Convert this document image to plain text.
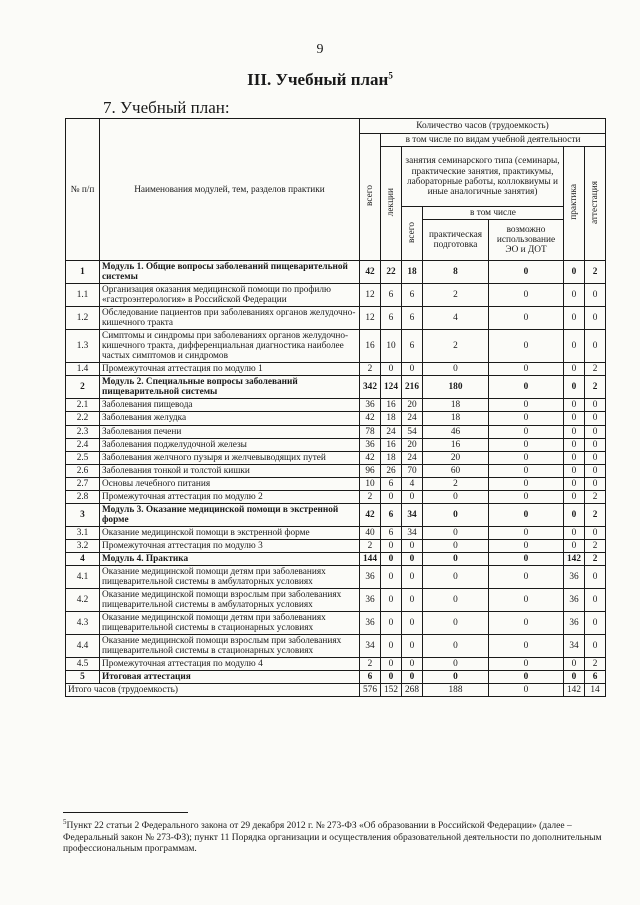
9
III. Учебный план$^5$
7. Учебный план:
№ п/п	Наименования модулей, тем, разделов практики	Количество часов (трудоемкость)						
		всего	в том числе по видам учебной деятельности					
			лекции	занятия семинарского типа (семинары, практические занятия, практикумы, лабораторные работы, коллоквиумы и иные аналогичные занятия)			практика	аттестация
				всего	в том числе			
					практическая подготовка	возможно использование ЭО и ДОТ		
1	Модуль 1. Общие вопросы заболеваний пищеварительной системы	42	22	18	8	0	0	2
1.1	Организация оказания медицинской помощи по профилю «гастроэнтерология» в Российской Федерации	12	6	6	2	0	0	0
1.2	Обследование пациентов при заболеваниях органов желудочно-кишечного тракта	12	6	6	4	0	0	0
1.3	Симптомы и синдромы при заболеваниях органов желудочно-кишечного тракта, дифференциальная диагностика наиболее частых симптомов и синдромов	16	10	6	2	0	0	0
1.4	Промежуточная аттестация по модулю 1	2	0	0	0	0	0	2
2	Модуль 2. Специальные вопросы заболеваний пищеварительной системы	342	124	216	180	0	0	2
2.1	Заболевания пищевода	36	16	20	18	0	0	0
2.2	Заболевания желудка	42	18	24	18	0	0	0
2.3	Заболевания печени	78	24	54	46	0	0	0
2.4	Заболевания поджелудочной железы	36	16	20	16	0	0	0
2.5	Заболевания желчного пузыря и желчевыводящих путей	42	18	24	20	0	0	0
2.6	Заболевания тонкой и толстой кишки	96	26	70	60	0	0	0
2.7	Основы лечебного питания	10	6	4	2	0	0	0
2.8	Промежуточная аттестация по модулю 2	2	0	0	0	0	0	2
3	Модуль 3. Оказание медицинской помощи в экстренной форме	42	6	34	0	0	0	2
3.1	Оказание медицинской помощи в экстренной форме	40	6	34	0	0	0	0
3.2	Промежуточная аттестация по модулю 3	2	0	0	0	0	0	2
4	Модуль 4. Практика	144	0	0	0	0	142	2
4.1	Оказание медицинской помощи детям при заболеваниях пищеварительной системы в амбулаторных условиях	36	0	0	0	0	36	0
4.2	Оказание медицинской помощи взрослым при заболеваниях пищеварительной системы в амбулаторных условиях	36	0	0	0	0	36	0
4.3	Оказание медицинской помощи детям при заболеваниях пищеварительной системы в стационарных условиях	36	0	0	0	0	36	0
4.4	Оказание медицинской помощи взрослым при заболеваниях пищеварительной системы в стационарных условиях	34	0	0	0	0	34	0
4.5	Промежуточная аттестация по модулю 4	2	0	0	0	0	0	2
5	Итоговая аттестация	6	0	0	0	0	0	6
Итого часов (трудоемкость)		576	152	268	188	0	142	14
$^5$Пункт 22 статьи 2 Федерального закона от 29 декабря 2012 г. № 273-ФЗ «Об образовании в Российской Федерации» (далее – Федеральный закон № 273-ФЗ); пункт 11 Порядка организации и осуществления образовательной деятельности по дополнительным профессиональным программам.
